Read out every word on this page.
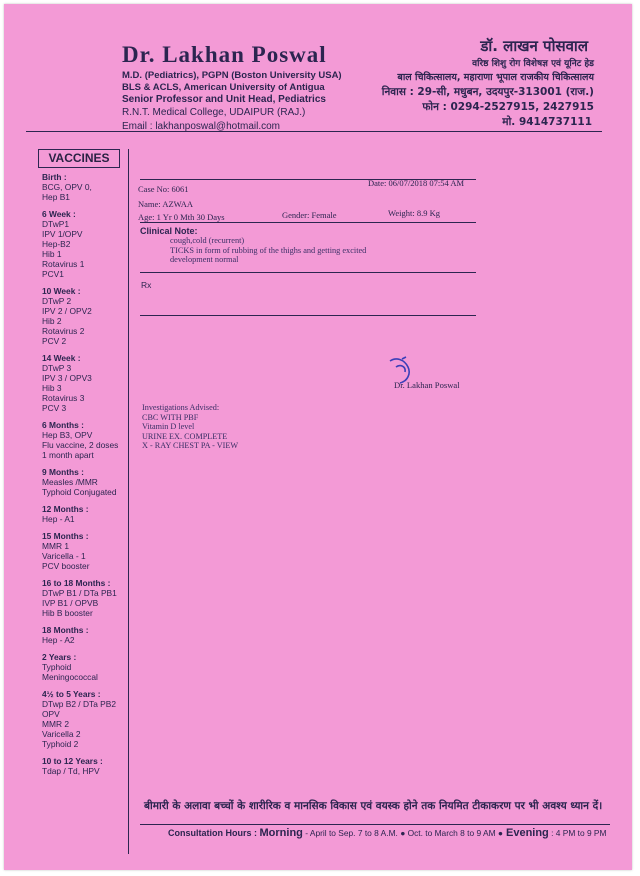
Dr. Lakhan Poswal
M.D. (Pediatrics), PGPN (Boston University USA)
BLS & ACLS, American University of Antigua
Senior Professor and Unit Head, Pediatrics
R.N.T. Medical College, UDAIPUR (RAJ.)
Email : lakhanposwal@hotmail.com
डॉ. लाखन पोसवाल
वरिष्ठ शिशु रोग विशेषज्ञ एवं यूनिट हेड
बाल चिकित्सालय, महाराणा भूपाल राजकीय चिकित्सालय
निवास : 29-सी, मधुबन, उदयपुर-313001 (राज.)
फोन : 0294-2527915, 2427915
मो. 9414737111
VACCINES
Birth :
BCG, OPV 0,
Hep B1
6 Week :
DTwP1
IPV 1/OPV
Hep-B2
Hib 1
Rotavirus 1
PCV1
10 Week :
DTwP 2
IPV 2 / OPV2
Hib 2
Rotavirus 2
PCV 2
14 Week :
DTwP 3
IPV 3 / OPV3
Hib 3
Rotavirus 3
PCV 3
6 Months :
Hep B3, OPV
Flu vaccine, 2 doses
1 month apart
9 Months :
Measles /MMR
Typhoid Conjugated
12 Months :
Hep - A1
15 Months :
MMR 1
Varicella - 1
PCV booster
16 to 18 Months :
DTwP B1 / DTa PB1
IVP B1 / OPVB
Hib B booster
18 Months :
Hep - A2
2 Years :
Typhoid
Meningococcal
4½ to 5 Years :
DTwp B2 / DTa PB2
OPV
MMR 2
Varicella 2
Typhoid 2
10 to 12 Years :
Tdap / Td, HPV
Case No: 6061
Date: 06/07/2018 07:54 AM
Name: AZWAA
Age: 1 Yr 0 Mth 30 Days	Gender: Female	Weight: 8.9 Kg
Clinical Note:
cough,cold (recurrent)
TICKS in form of rubbing of the thighs and getting excited
development normal
Rx
Dr. Lakhan Poswal
Investigations Advised:
CBC WITH PBF
Vitamin D level
URINE EX. COMPLETE
X - RAY CHEST PA - VIEW
बीमारी के अलावा बच्चों के शारीरिक व मानसिक विकास एवं वयस्क होने तक नियमित टीकाकरण पर भी अवश्य ध्यान दें।
Consultation Hours : Morning - April to Sep. 7 to 8 A.M. ● Oct. to March 8 to 9 AM ● Evening : 4 PM to 9 PM
